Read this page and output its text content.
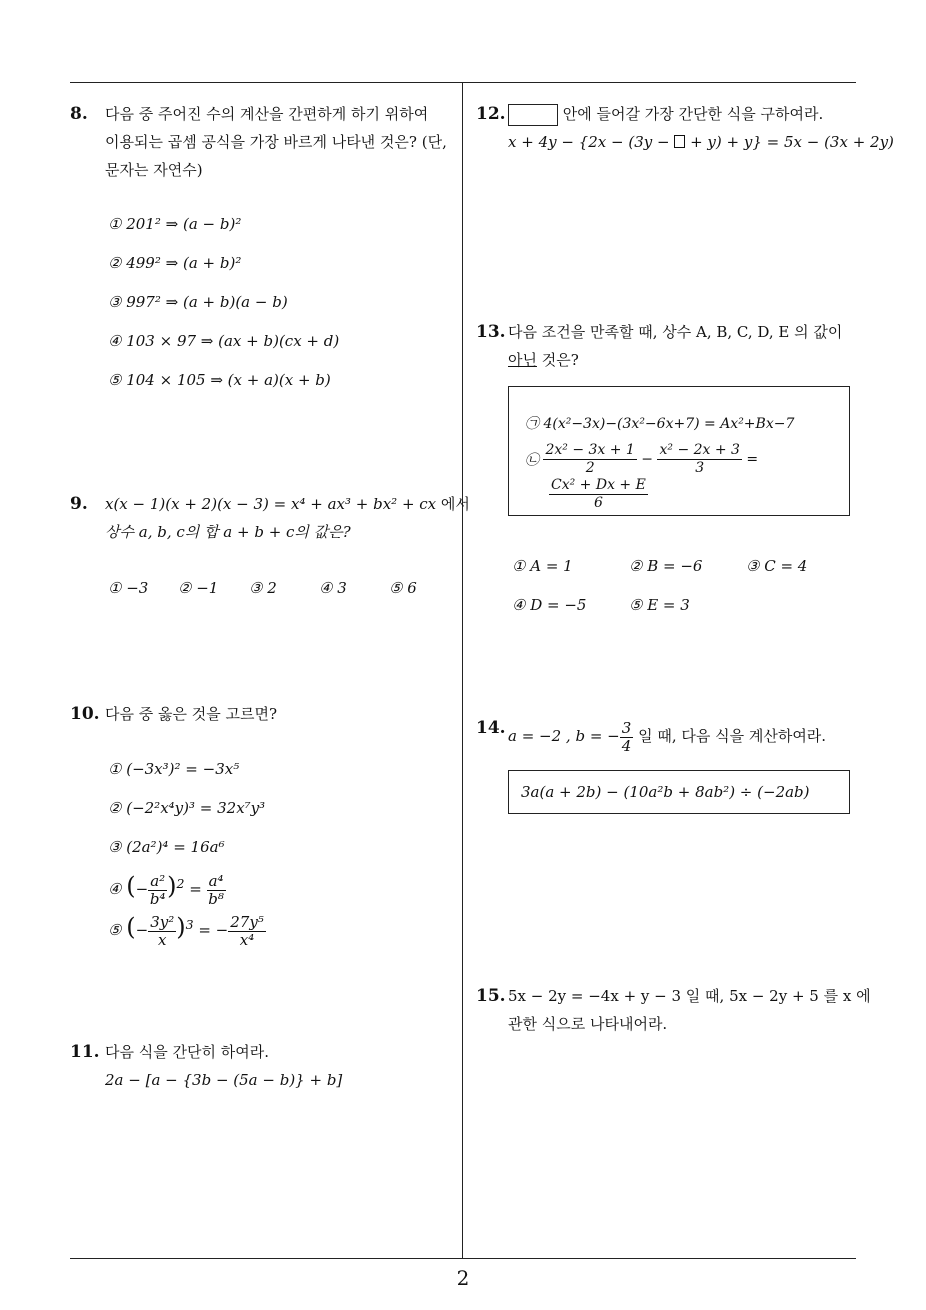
2
8. 다음 중 주어진 수의 계산을 간편하게 하기 위하여
이용되는 곱셈 공식을 가장 바르게 나타낸 것은? (단,
문자는 자연수)
① 201² ⇒ (a − b)²
② 499² ⇒ (a + b)²
③ 997² ⇒ (a + b)(a − b)
④ 103 × 97 ⇒ (ax + b)(cx + d)
⑤ 104 × 105 ⇒ (x + a)(x + b)
9. x(x − 1)(x + 2)(x − 3) = x⁴ + ax³ + bx² + cx 에서
상수 a, b, c의 합 a + b + c의 값은?
① −3 ② −1 ③ 2	④ 3	⑤ 6
10. 다음 중 옳은 것을 고르면?
① (−3x³)² = −3x⁵
② (−2²x⁴y)³ = 32x⁷y³
③ (2a²)⁴ = 16a⁶
④ (− $\frac{\text{a²}}{\text{b⁴}} )^2 = \frac{\text{a⁴}}{\text{b⁸}}$
⑤ (− $\frac{\text{3y²}}{x} )^3$ = − $\frac{\text{27y⁵}}{\text{x⁴}}$
11. 다음 식을 간단히 하여라.
2a − [a − {3b − (5a − b)} + b]
12.	안에 들어갈 가장 간단한 식을 구하여라.
x + 4y − {2x − (3y −  + y) + y} = 5x − (3x + 2y)
13. 다음 조건을 만족할 때, 상수 A, B, C, D, E 의 값이
아닌 것은?
㉠ 4(x²−3x)−(3x²−6x+7) = Ax²+Bx−7
㉡ $\frac{\text{2x² − 3x + 1}}{2} - \frac{\text{x² − 2x + 3}}{3}$ =
$\frac{\text{Cx² + Dx + E}}{6}$
① A = 1	② B = −6	③ C = 4
④ D = −5	⑤ E = 3
14. a = −2 , b = − $\frac{3}{4}$ 일 때, 다음 식을 계산하여라.
3a(a + 2b) − (10a²b + 8ab²) ÷ (−2ab)
15. 5x − 2y = −4x + y − 3 일 때, 5x − 2y + 5 를 x 에
관한 식으로 나타내어라.
